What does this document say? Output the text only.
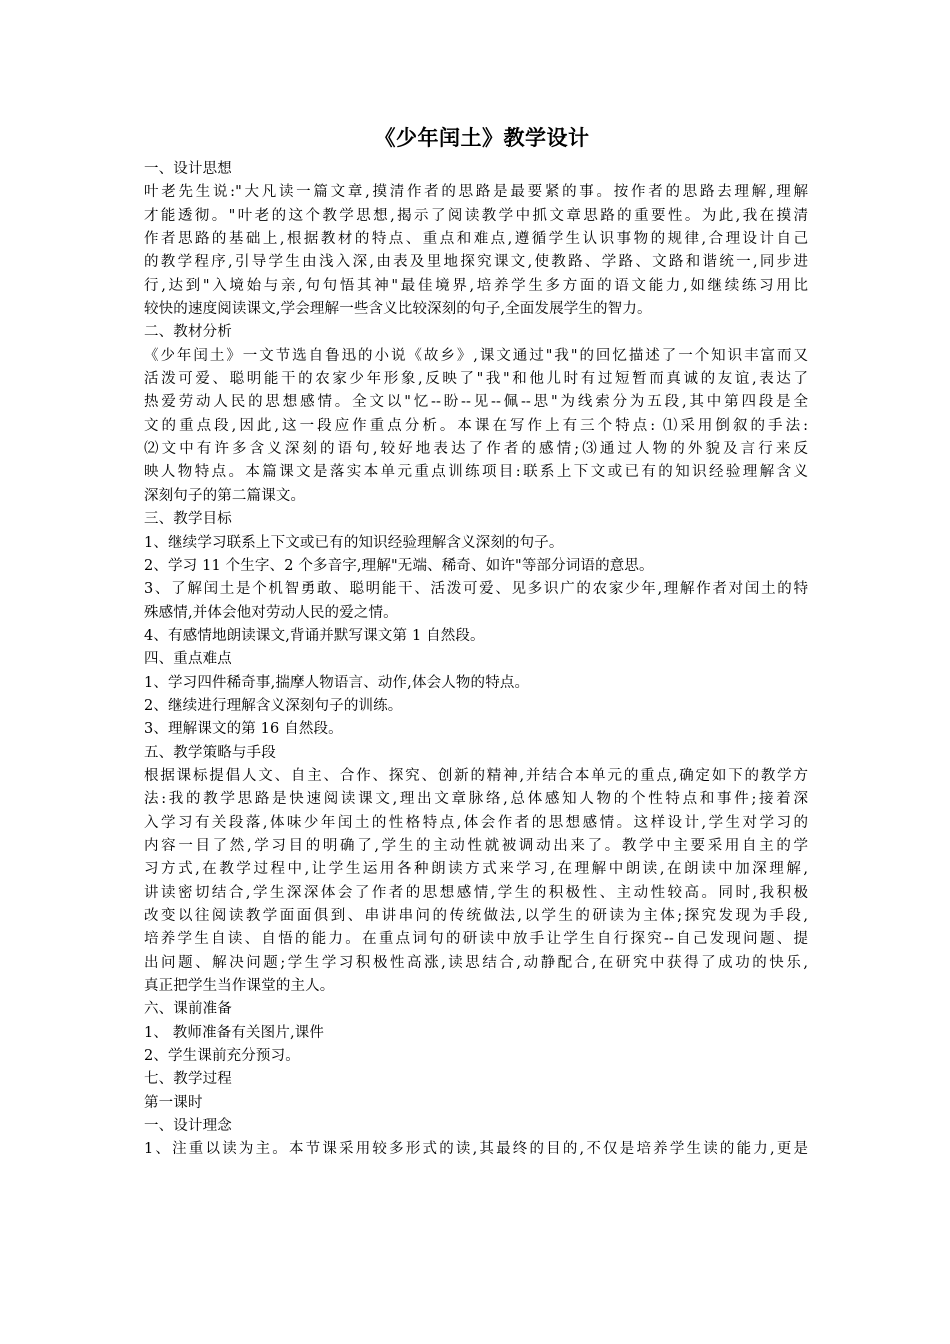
《少年闰土》教学设计

一、设计思想

叶老先生说:"大凡读一篇文章,摸清作者的思路是最要紧的事。按作者的思路去理解,理解

才能透彻。"叶老的这个教学思想,揭示了阅读教学中抓文章思路的重要性。为此,我在摸清

作者思路的基础上,根据教材的特点、重点和难点,遵循学生认识事物的规律,合理设计自己

的教学程序,引导学生由浅入深,由表及里地探究课文,使教路、学路、文路和谐统一,同步进

行,达到"入境始与亲,句句悟其神"最佳境界,培养学生多方面的语文能力,如继续练习用比

较快的速度阅读课文,学会理解一些含义比较深刻的句子,全面发展学生的智力。

二、教材分析

《少年闰土》一文节选自鲁迅的小说《故乡》,课文通过"我"的回忆描述了一个知识丰富而又

活泼可爱、聪明能干的农家少年形象,反映了"我"和他儿时有过短暂而真诚的友谊,表达了

热爱劳动人民的思想感情。全文以"忆--盼--见--佩--思"为线索分为五段,其中第四段是全

文的重点段,因此,这一段应作重点分析。本课在写作上有三个特点: ⑴采用倒叙的手法:

⑵文中有许多含义深刻的语句,较好地表达了作者的感情;⑶通过人物的外貌及言行来反

映人物特点。本篇课文是落实本单元重点训练项目:联系上下文或已有的知识经验理解含义

深刻句子的第二篇课文。

三、教学目标

1、继续学习联系上下文或已有的知识经验理解含义深刻的句子。

2、学习 11 个生字、2 个多音字,理解"无端、稀奇、如许"等部分词语的意思。

3、了解闰土是个机智勇敢、聪明能干、活泼可爱、见多识广的农家少年,理解作者对闰土的特

殊感情,并体会他对劳动人民的爱之情。

4、有感情地朗读课文,背诵并默写课文第 1 自然段。

四、重点难点

1、学习四件稀奇事,揣摩人物语言、动作,体会人物的特点。

2、继续进行理解含义深刻句子的训练。

3、理解课文的第 16 自然段。

五、教学策略与手段

根据课标提倡人文、自主、合作、探究、创新的精神,并结合本单元的重点,确定如下的教学方

法:我的教学思路是快速阅读课文,理出文章脉络,总体感知人物的个性特点和事件;接着深

入学习有关段落,体味少年闰土的性格特点,体会作者的思想感情。这样设计,学生对学习的

内容一目了然,学习目的明确了,学生的主动性就被调动出来了。教学中主要采用自主的学

习方式,在教学过程中,让学生运用各种朗读方式来学习,在理解中朗读,在朗读中加深理解,

讲读密切结合,学生深深体会了作者的思想感情,学生的积极性、主动性较高。同时,我积极

改变以往阅读教学面面俱到、串讲串问的传统做法,以学生的研读为主体;探究发现为手段,

培养学生自读、自悟的能力。在重点词句的研读中放手让学生自行探究--自己发现问题、提

出问题、解决问题;学生学习积极性高涨,读思结合,动静配合,在研究中获得了成功的快乐,

真正把学生当作课堂的主人。

六、课前准备

1、 教师准备有关图片,课件

2、学生课前充分预习。

七、教学过程

第一课时

一、设计理念

1、注重以读为主。本节课采用较多形式的读,其最终的目的,不仅是培养学生读的能力,更是
